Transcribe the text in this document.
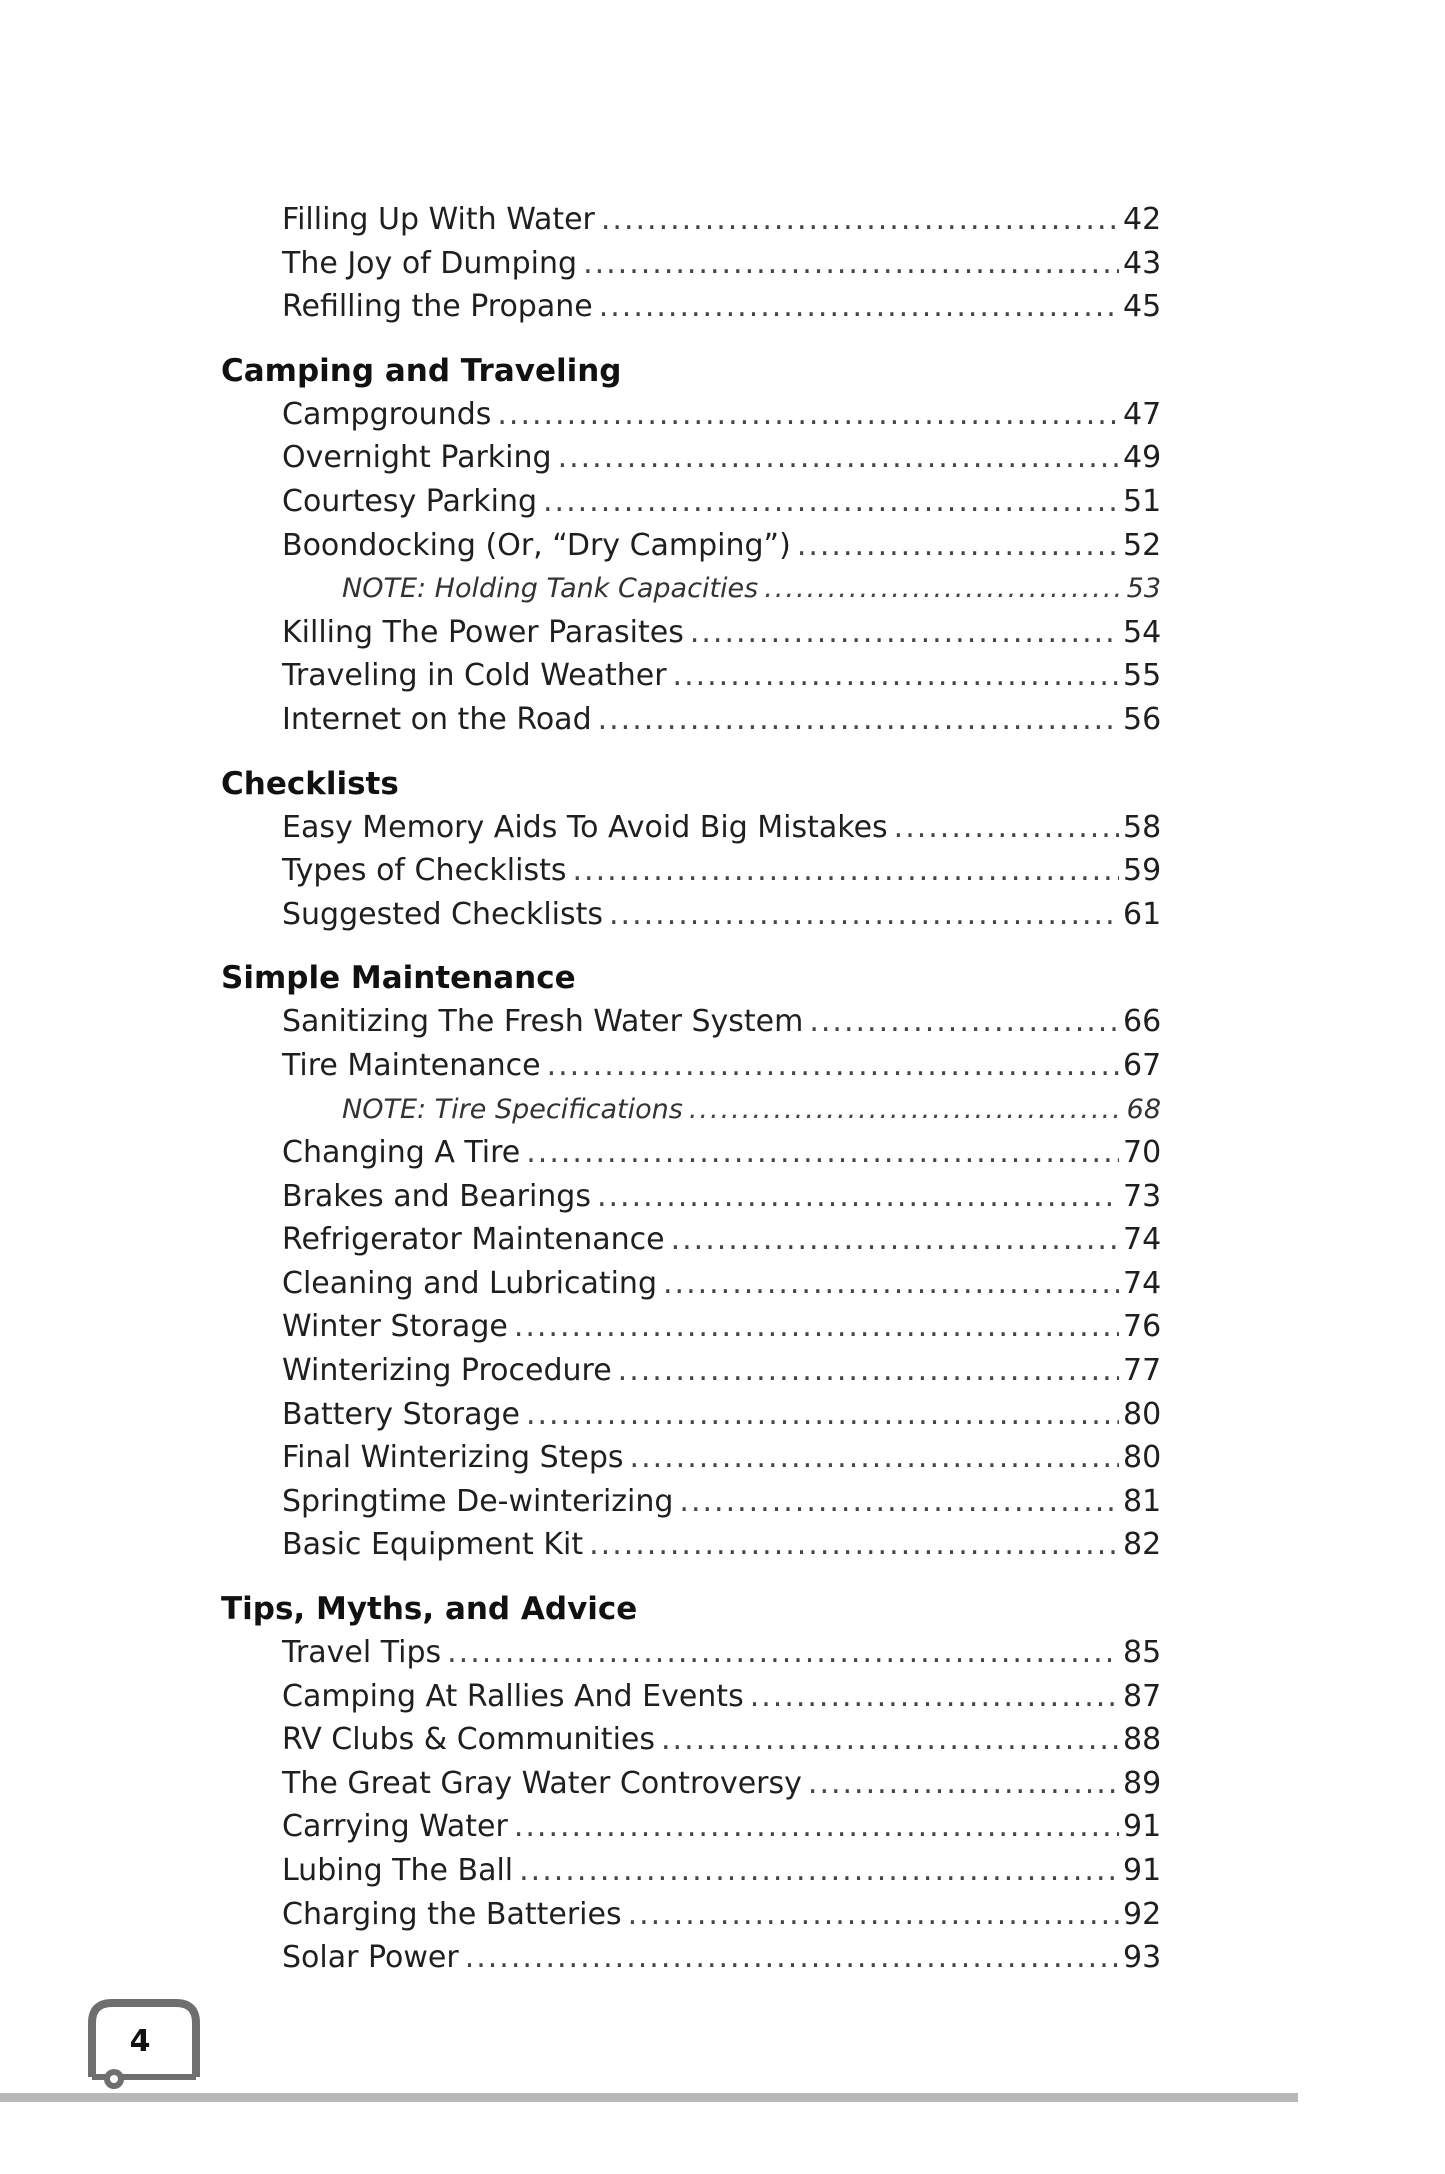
Filling Up With Water .....	42
The Joy of Dumping .....	43
Refilling the Propane .....	45
Camping and Traveling
Campgrounds .....	47
Overnight Parking .....	49
Courtesy Parking .....	51
Boondocking (Or, “Dry Camping”) .....	52
NOTE: Holding Tank Capacities .....	53
Killing The Power Parasites .....	54
Traveling in Cold Weather .....	55
Internet on the Road .....	56
Checklists
Easy Memory Aids To Avoid Big Mistakes .....	58
Types of Checklists .....	59
Suggested Checklists .....	61
Simple Maintenance
Sanitizing The Fresh Water System .....	66
Tire Maintenance .....	67
NOTE: Tire Specifications .....	68
Changing A Tire .....	70
Brakes and Bearings .....	73
Refrigerator Maintenance .....	74
Cleaning and Lubricating .....	74
Winter Storage .....	76
Winterizing Procedure .....	77
Battery Storage .....	80
Final Winterizing Steps .....	80
Springtime De-winterizing .....	81
Basic Equipment Kit .....	82
Tips, Myths, and Advice
Travel Tips .....	85
Camping At Rallies And Events .....	87
RV Clubs & Communities .....	88
The Great Gray Water Controversy .....	89
Carrying Water .....	91
Lubing The Ball .....	91
Charging the Batteries .....	92
Solar Power .....	93
4
